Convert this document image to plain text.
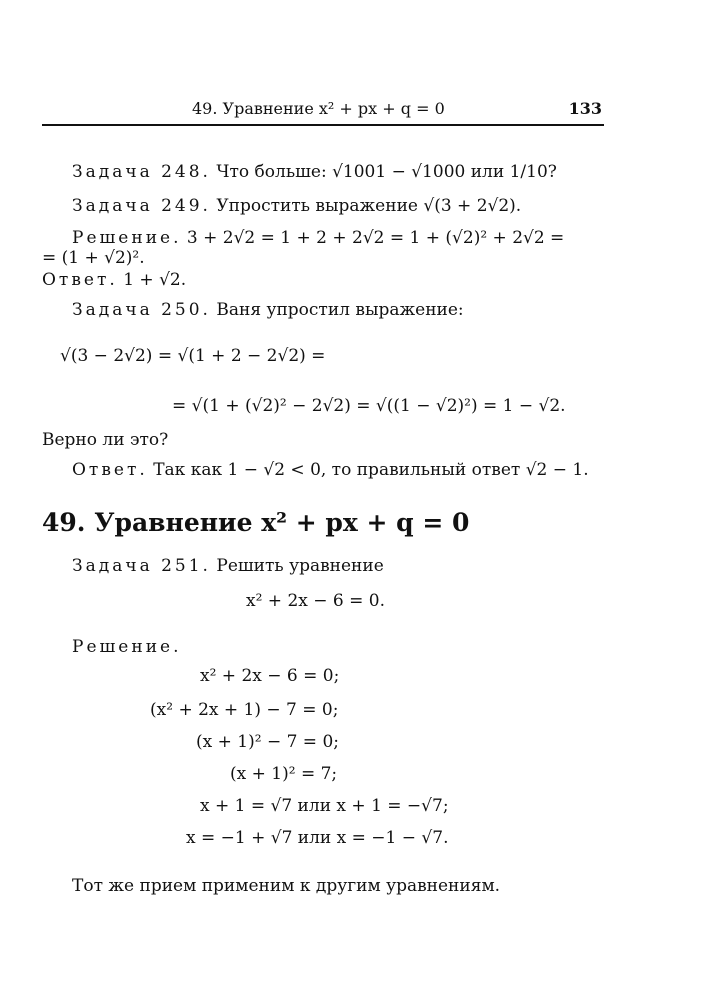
49. Уравнение x² + px + q = 0	133
Задача 248. Что больше: √1001 − √1000 или 1/10?
Задача 249. Упростить выражение √(3 + 2√2).
Решение. 3 + 2√2 = 1 + 2 + 2√2 = 1 + (√2)² + 2√2 =
= (1 + √2)².
Ответ. 1 + √2.
Задача 250. Ваня упростил выражение:
√(3 − 2√2) = √(1 + 2 − 2√2) =
= √(1 + (√2)² − 2√2) = √((1 − √2)²) = 1 − √2.
Верно ли это?
Ответ. Так как 1 − √2 < 0, то правильный ответ √2 − 1.
49. Уравнение x² + px + q = 0
Задача 251. Решить уравнение
x² + 2x − 6 = 0.
Решение.
x² + 2x − 6 = 0;
(x² + 2x + 1) − 7 = 0;
(x + 1)² − 7 = 0;
(x + 1)² = 7;
x + 1 = √7 или x + 1 = −√7;
x = −1 + √7 или x = −1 − √7.
Тот же прием применим к другим уравнениям.
